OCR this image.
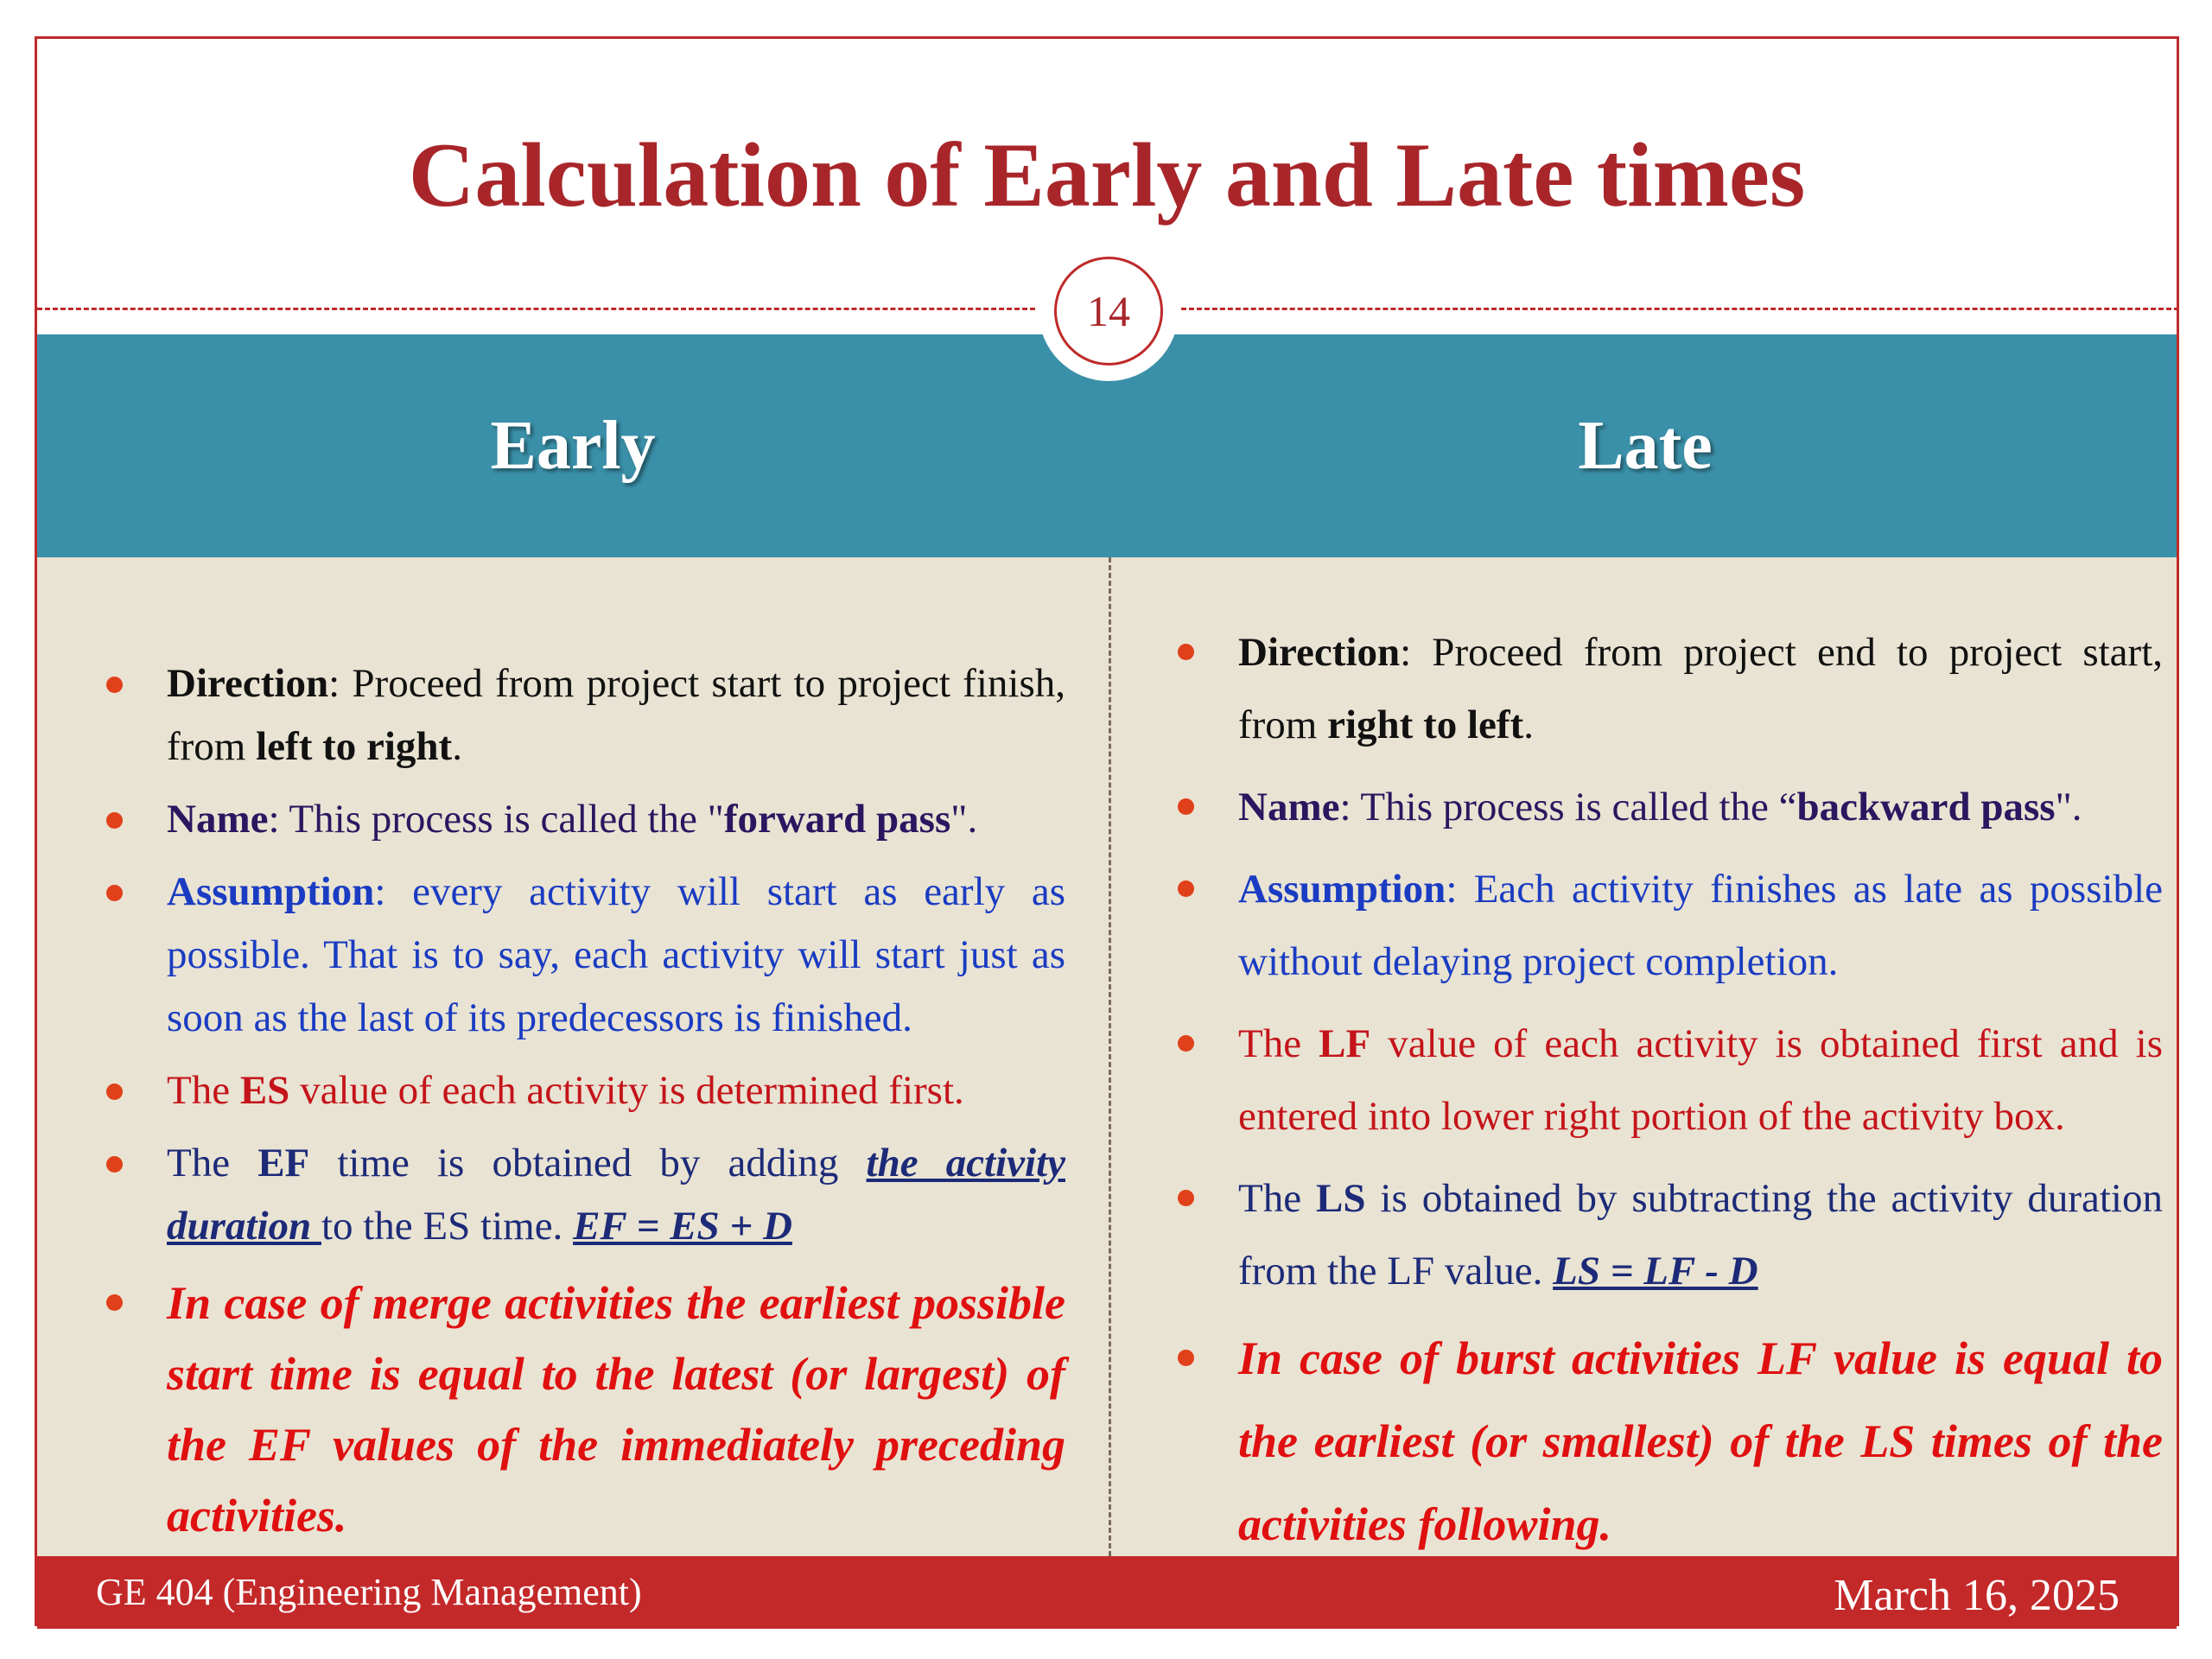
Calculation of Early and Late times
Early	Late
14
Direction: Proceed from project start to project finish, from left to right.
Name: This process is called the "forward pass".
Assumption: every activity will start as early as possible. That is to say, each activity will start just as soon as the last of its predecessors is finished.
The ES value of each activity is determined first.
The EF time is obtained by adding the activity duration to the ES time. EF = ES + D
In case of merge activities the earliest possible start time is equal to the latest (or largest) of the EF values of the immediately preceding activities.
Direction: Proceed from project end to project start, from right to left.
Name: This process is called the “backward pass".
Assumption: Each activity finishes as late as possible without delaying project completion.
The LF value of each activity is obtained first and is entered into lower right portion of the activity box.
The LS is obtained by subtracting the activity duration from the LF value. LS = LF - D
In case of burst activities LF value is equal to the earliest (or smallest) of the LS times of the activities following.
GE 404 (Engineering Management)	March 16, 2025
